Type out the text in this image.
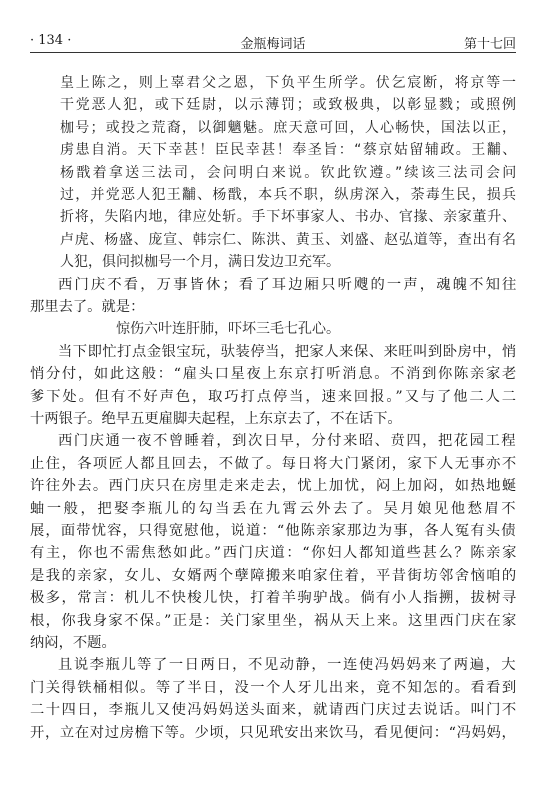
· 134 ·	金瓶梅词话	第十七回
皇上陈之，则上辜君父之恩，下负平生所学。伏乞宸断，将京等一
干党恶人犯，或下廷尉，以示薄罚；或致极典，以彰显戮；或照例
枷号；或投之荒裔，以御魑魅。庶天意可回，人心畅快，国法以正，
虏患自消。天下幸甚！臣民幸甚！奉圣旨：“蔡京姑留辅政。王黼、
杨戬着拿送三法司，会问明白来说。钦此钦遵。”续该三法司会问
过，并党恶人犯王黼、杨戬，本兵不职，纵虏深入，荼毒生民，损兵
折将，失陷内地，律应处斩。手下坏事家人、书办、官掾、亲家董升、
卢虎、杨盛、庞宣、韩宗仁、陈洪、黄玉、刘盛、赵弘道等，查出有名
人犯，俱问拟枷号一个月，满日发边卫充军。
西门庆不看，万事皆休；看了耳边厢只听飕的一声，魂魄不知往
那里去了。就是：
惊伤六叶连肝肺，吓坏三毛七孔心。
当下即忙打点金银宝玩，驮装停当，把家人来保、来旺叫到卧房中，悄
悄分付，如此这般：“雇头口星夜上东京打听消息。不消到你陈亲家老
爹下处。但有不好声色，取巧打点停当，速来回报。”又与了他二人二
十两银子。绝早五更雇脚夫起程，上东京去了，不在话下。
西门庆通一夜不曾睡着，到次日早，分付来昭、贲四，把花园工程
止住，各项匠人都且回去，不做了。每日将大门紧闭，家下人无事亦不
许往外去。西门庆只在房里走来走去，忧上加忧，闷上加闷，如热地蜒
蚰一般，把娶李瓶儿的勾当丢在九霄云外去了。吴月娘见他愁眉不
展，面带忧容，只得宽慰他，说道：“他陈亲家那边为事，各人冤有头债
有主，你也不需焦愁如此。”西门庆道：“你妇人都知道些甚么？陈亲家
是我的亲家，女儿、女婿两个孽障搬来咱家住着，平昔街坊邻舍恼咱的
极多，常言：机儿不快梭儿快，打着羊驹驴战。倘有小人指搠，拔树寻
根，你我身家不保。”正是：关门家里坐，祸从天上来。这里西门庆在家
纳闷，不题。
且说李瓶儿等了一日两日，不见动静，一连使冯妈妈来了两遍，大
门关得铁桶相似。等了半日，没一个人牙儿出来，竟不知怎的。看看到
二十四日，李瓶儿又使冯妈妈送头面来，就请西门庆过去说话。叫门不
开，立在对过房檐下等。少顷，只见玳安出来饮马，看见便问：“冯妈妈，
